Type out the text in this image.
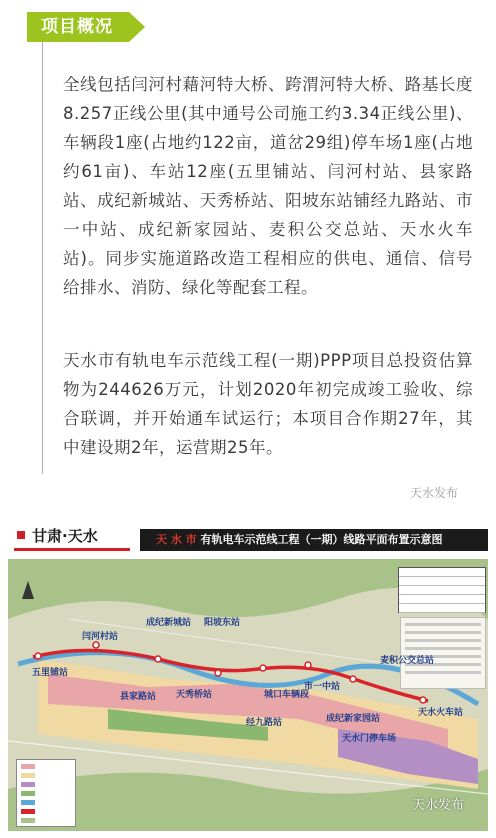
项目概况

全线包括闫河村藉河特大桥、跨渭河特大桥、路基长度8.257正线公里(其中通号公司施工约3.34正线公里)、车辆段1座(占地约122亩，道岔29组)停车场1座(占地约61亩)、车站12座(五里铺站、闫河村站、县家路站、成纪新城站、天秀桥站、阳坡东站铺经九路站、市一中站、成纪新家园站、麦积公交总站、天水火车站)。同步实施道路改造工程相应的供电、通信、信号给排水、消防、绿化等配套工程。

天水市有轨电车示范线工程(一期)PPP项目总投资估算物为244626万元，计划2020年初完成竣工验收、综合联调，并开始通车试运行；本项目合作期27年，其中建设期2年，运营期25年。

天水发布
甘肃·天水	天 水 市 有轨电车示范线工程（一期）线路平面布置示意图
五里铺站
闫河村站
县家路站
成纪新城站
天秀桥站
阳坡东站
经九路站
城口车辆段
市一中站
成纪新家园站
麦积公交总站
天水火车站
天水门停车场
天水发布
